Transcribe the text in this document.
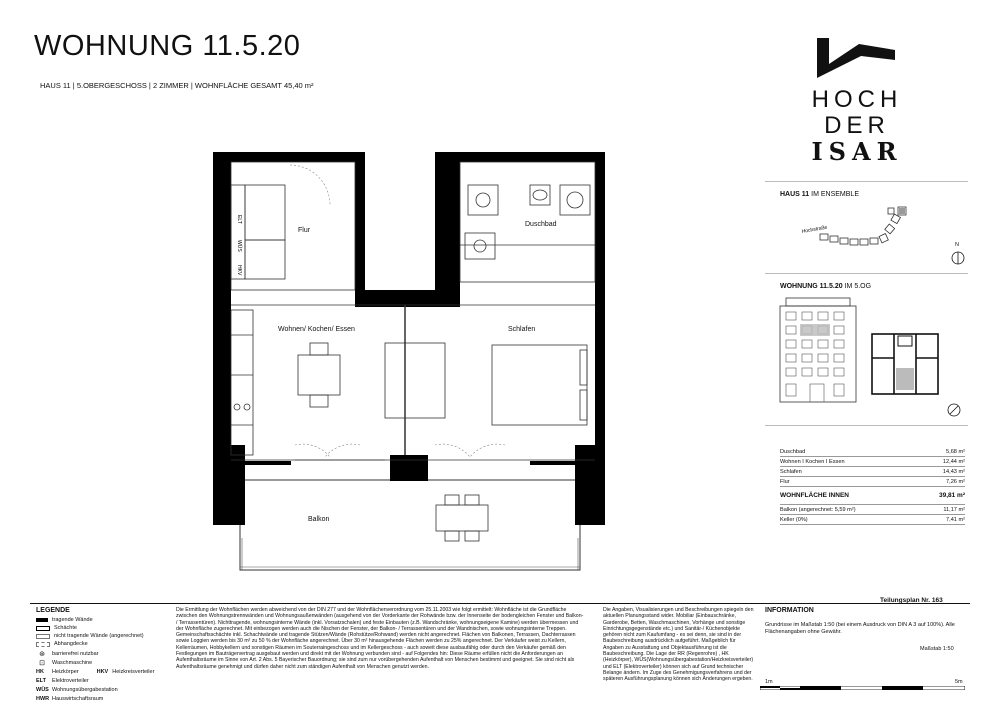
WOHNUNG 11.5.20
HAUS 11 | 5.OBERGESCHOSS | 2 ZIMMER | WOHNFLÄCHE GESAMT 45,40 m²
HOCH
DER
ISAR
HAUS 11 IM ENSEMBLE
Hochstraße
N
WOHNUNG 11.5.20 IM 5.OG
Duschbad	5,68 m²
Wohnen I Kochen I Essen	12,44 m²
Schlafen	14,43 m²
Flur	7,26 m²
WOHNFLÄCHE INNEN	39,81 m²
Balkon (angerechnet: 5,59 m²)	11,17 m²
Keller (0%)	7,41 m²
ELT
WÜS
HKV
Flur
Wohnen/ Kochen/ Essen
Duschbad
Schlafen
Balkon
LEGENDE
tragende Wände
Schächte
nicht tragende Wände (angerechnet)
Abhangdecke
⊛	barrierefrei nutzbar
⊡	Waschmaschine
HK	Heizkörper	HKV Heizkreisverteiler
ELT	Elektroverteiler
WÜS Wohnungsübergabestation
HWR Hauswirtschaftsraum
Die Ermittlung der Wohnflächen werden abweichend von der DIN 277 und der Wohnflächenverordnung vom 25.11.2003 wie folgt ermittelt: Wohnfläche ist die Grundfläche zwischen den Wohnungstrennwänden und Wohnungsaußenwänden (ausgehend von der Vorderkante der Rohwände bzw. der Innenseite der bodengleichen Fenster und Balkon- / Terrassentüren). Nichttragende, wohnungsinterne Wände (inkl. Vorsatzschalen) und feste Einbauten (z.B. Wandschränke, wohnungseigene Kamine) werden übermessen und der Wohnfläche zugerechnet. Mit einbezogen werden auch die Nischen der Fenster, der Balkon- / Terrassentüren und der Wandnischen, sowie wohnungsinterne Treppen. Gemeinschaftsschächte inkl. Schachtwände und tragende Stützen/Wände (Rohstütze/Rohwand) werden nicht angerechnet. Flächen von Balkonen, Terrassen, Dachterrassen sowie Loggien werden bis 30 m² zu 50 % der Wohnfläche angerechnet. Über 30 m² hinausgehende Flächen werden zu 25% angerechnet. Der Verkäufer weist zu Kellern, Kellerräumen, Hobbykellern und sonstigen Räumen im Souterraingeschoss und im Kellergeschoss - auch soweit diese ausbaufähig oder durch den Verkäufer gemäß den Festlegungen im Bauträgervertrag ausgebaut werden und direkt mit der Wohnung verbunden sind - auf Folgendes hin: Diese Räume erfüllen nicht die Anforderungen an Aufenthaltsräume im Sinne von Art. 2 Abs. 5 Bayerischer Bauordnung; sie sind zum nur vorübergehenden Aufenthalt von Menschen bestimmt und geeignet. Sie sind nicht als Aufenthaltsräume genehmigt und dürfen daher nicht zum ständigen Aufenthalt von Menschen genutzt werden.
Die Angaben, Visualisierungen und Beschreibungen spiegeln den aktuellen Planungsstand wider. Mobiliar (Einbauschränke, Garderobe, Betten, Waschmaschinen, Vorhänge und sonstige Einrichtungsgegenstände etc.) und Sanitär-/ Küchenobjekte gehören nicht zum Kaufumfang - es sei denn, sie sind in der Baubeschreibung ausdrücklich aufgeführt. Maßgeblich für Angaben zu Ausstattung und Objektausführung ist die Baubeschreibung. Die Lage der RR (Regenrohre) , HK (Heizkörper), WÜS(Wohnungsübergabestation/Heizkreisverteiler) und ELT (Elektroverteiler) können sich auf Grund technischer Belange ändern. Im Zuge des Genehmigungsverfahrens und der späteren Ausführungsplanung können sich Änderungen ergeben.
Teilungsplan Nr. 163
INFORMATION
Grundrisse im Maßstab 1:50 (bei einem Ausdruck von DIN A 3 auf 100%). Alle Flächenangaben ohne Gewähr.
Maßstab 1:50
1m	5m
